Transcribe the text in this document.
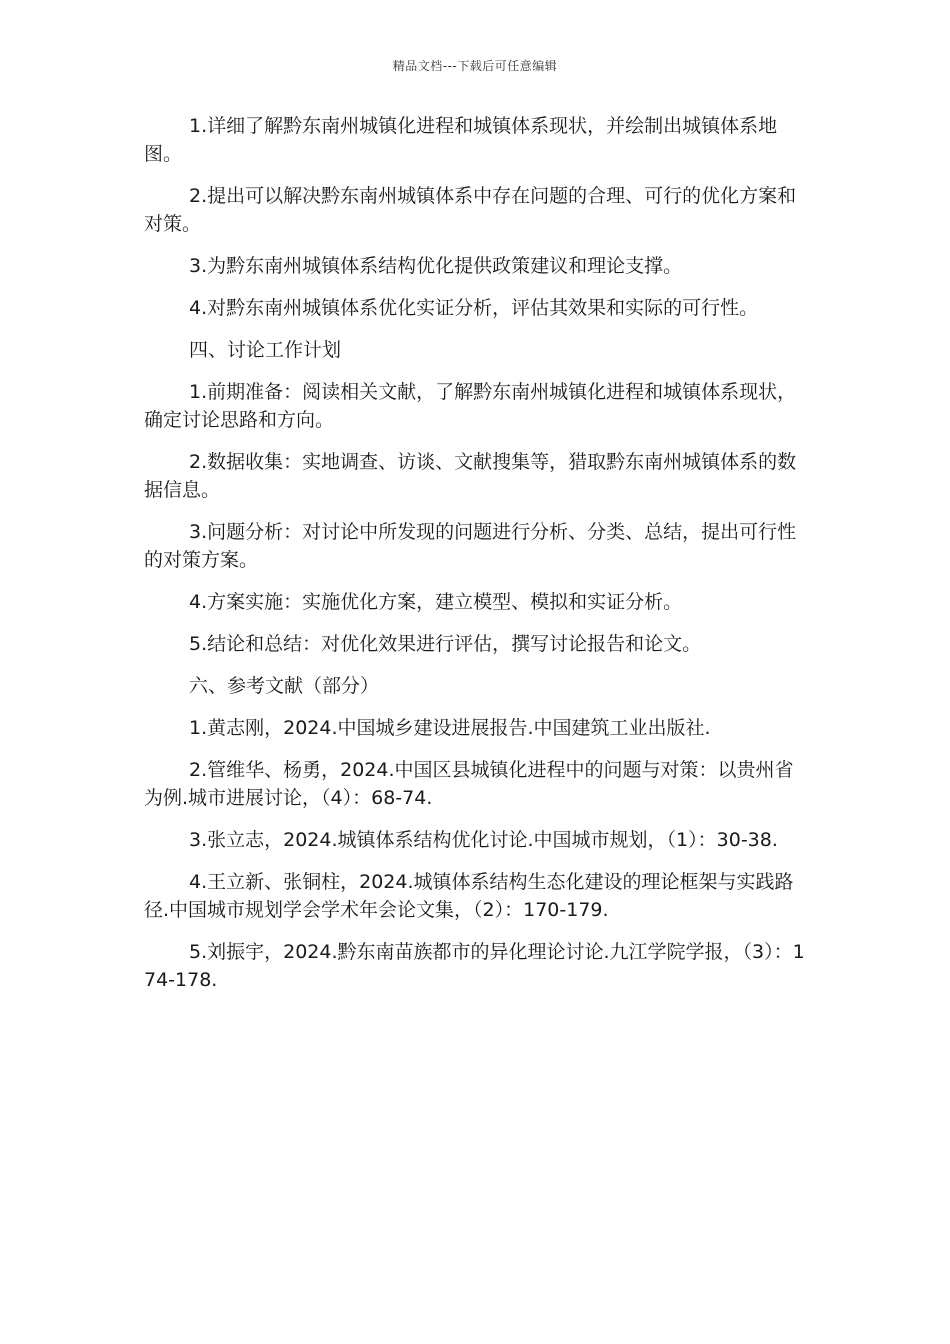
精品文档---下载后可任意编辑

1.详细了解黔东南州城镇化进程和城镇体系现状，并绘制出城镇体系地图。

2.提出可以解决黔东南州城镇体系中存在问题的合理、可行的优化方案和对策。

3.为黔东南州城镇体系结构优化提供政策建议和理论支撑。

4.对黔东南州城镇体系优化实证分析，评估其效果和实际的可行性。

四、讨论工作计划

1.前期准备：阅读相关文献，了解黔东南州城镇化进程和城镇体系现状，确定讨论思路和方向。

2.数据收集：实地调查、访谈、文献搜集等，猎取黔东南州城镇体系的数据信息。

3.问题分析：对讨论中所发现的问题进行分析、分类、总结，提出可行性的对策方案。

4.方案实施：实施优化方案，建立模型、模拟和实证分析。

5.结论和总结：对优化效果进行评估，撰写讨论报告和论文。

六、参考文献（部分）

1.黄志刚，2024.中国城乡建设进展报告.中国建筑工业出版社.

2.管维华、杨勇，2024.中国区县城镇化进程中的问题与对策：以贵州省为例.城市进展讨论，（4）：68-74.

3.张立志，2024.城镇体系结构优化讨论.中国城市规划，（1）：30-38.

4.王立新、张铜柱，2024.城镇体系结构生态化建设的理论框架与实践路径.中国城市规划学会学术年会论文集，（2）：170-179.

5.刘振宇，2024.黔东南苗族都市的异化理论讨论.九江学院学报，（3）：174-178.
